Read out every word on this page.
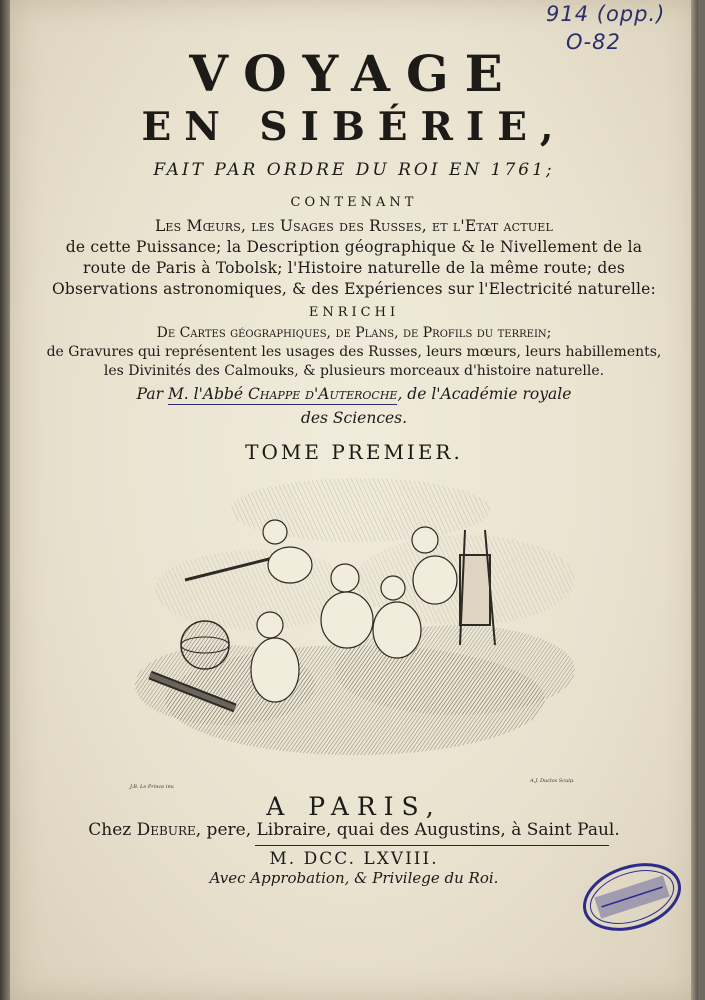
914 (opp.)
O-82
VOYAGE
EN SIBÉRIE,
FAIT PAR ORDRE DU ROI EN 1761;
CONTENANT
Les Mœurs, les Usages des Russes, et l'Etat actuel
de cette Puissance; la Description géographique & le Nivellement de la
route de Paris à Tobolsk; l'Histoire naturelle de la même route; des
Observations astronomiques, & des Expériences sur l'Electricité naturelle:
ENRICHI
De Cartes géographiques, de Plans, de Profils du terrein;
de Gravures qui représentent les usages des Russes, leurs mœurs, leurs habillements,
les Divinités des Calmouks, & plusieurs morceaux d'histoire naturelle.
Par M. l'Abbé Chappe d'Auteroche, de l'Académie royale
des Sciences.
TOME PREMIER.
J.B. Le Prince inv.
A.J. Duclos Sculp.
A PARIS,
Chez Debure, pere, Libraire, quai des Augustins, à Saint Paul.
M. DCC. LXVIII.
Avec Approbation, & Privilege du Roi.
